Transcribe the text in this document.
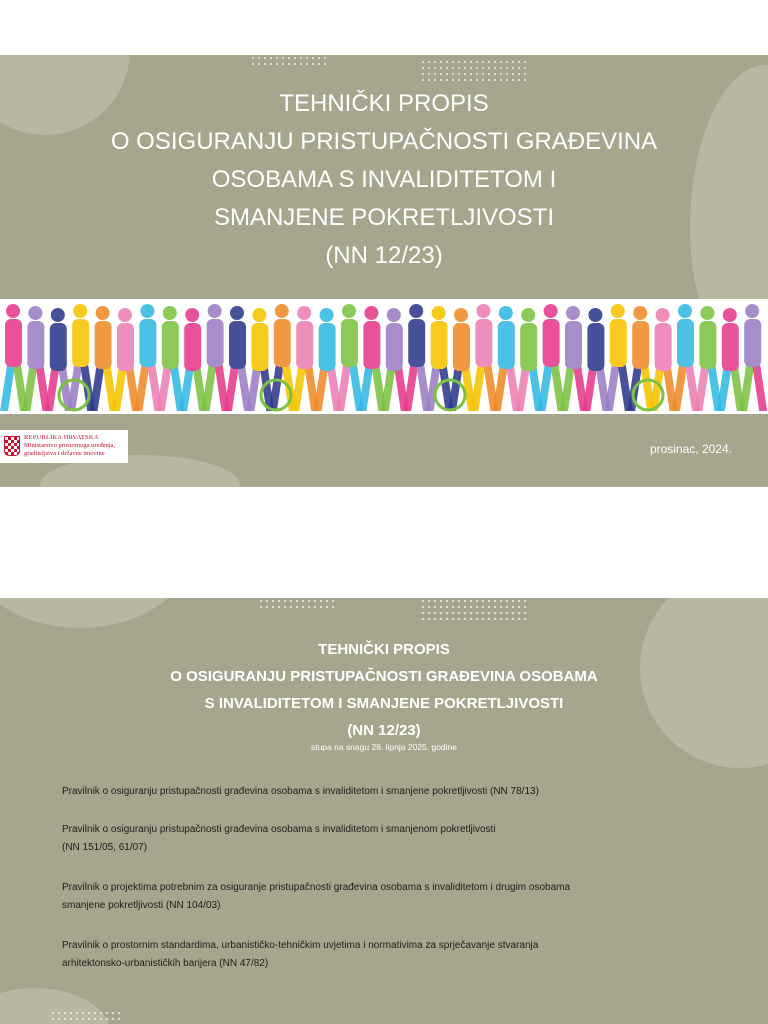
TEHNIČKI PROPIS
O OSIGURANJU PRISTUPAČNOSTI GRAĐEVINA
OSOBAMA S INVALIDITETOM I
SMANJENE POKRETLJIVOSTI
(NN 12/23)
REPUBLIKA HRVATSKA
Ministarstvo prostornoga uređenja,
graditeljstva i državne imovine	prosinac, 2024.
TEHNIČKI PROPIS
O OSIGURANJU PRISTUPAČNOSTI GRAĐEVINA OSOBAMA
S INVALIDITETOM I SMANJENE POKRETLJIVOSTI
(NN 12/23)
stupa na snagu 28. lipnja 2025. godine
Pravilnik o osiguranju pristupačnosti građevina osobama s invaliditetom i smanjene pokretljivosti (NN 78/13)
Pravilnik o osiguranju pristupačnosti građevina osobama s invaliditetom i smanjenom pokretljivosti
(NN 151/05, 61/07)
Pravilnik o projektima potrebnim za osiguranje pristupačnosti građevina osobama s invaliditetom i drugim osobama
smanjene pokretljivosti (NN 104/03)
Pravilnik o prostornim standardima, urbanističko-tehničkim uvjetima i normativima za sprječavanje stvaranja
arhitektonsko-urbanističkih barijera (NN 47/82)
